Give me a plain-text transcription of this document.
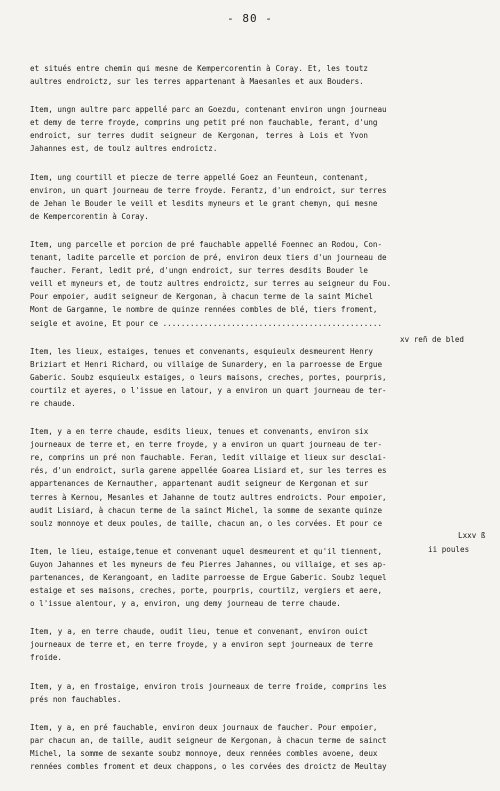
- 80 -

et situés entre chemin qui mesne de Kempercorentin à Coray. Et, les toutz
aultres endroictz, sur les terres appartenant à Maesanles et aux Bouders.

Item, ungn aultre parc appellé parc an Goezdu, contenant environ ungn journeau
et demy de terre froyde, comprins ung petit pré non fauchable, ferant, d'ung
endroict, sur terres dudit seigneur de Kergonan, terres à Lois et Yvon
Jahannes est, de toulz aultres endroictz.

Item, ung courtill et piecze de terre appellé Goez an Feunteun, contenant,
environ, un quart journeau de terre froyde. Ferantz, d'un endroict, sur terres
de Jehan le Bouder le veill et lesdits myneurs et le grant chemyn, qui mesne
de Kempercorentin à Coray.

Item, ung parcelle et porcion de pré fauchable appellé Foennec an Rodou, Con-
tenant, ladite parcelle et porcion de pré, environ deux tiers d'un journeau de
faucher. Ferant, ledit pré, d'ungn endroict, sur terres desdits Bouder le
veill et myneurs et, de toutz aultres endroictz, sur terres au seigneur du Fou.
Pour empoier, audit seigneur de Kergonan, à chacun terme de la saint Michel
Mont de Gargamne, le nombre de quinze rennées combles de blé, tiers froment,
seigle et avoine, Et pour ce ................................................

Item, les lieux, estaiges, tenues et convenants, esquieulx desmeurent Henry
Briziart et Henri Richard, ou villaige de Sunardery, en la parroesse de Ergue
Gaberic. Soubz esquieulx estaiges, o leurs maisons, creches, portes, pourpris,
courtilz et ayeres, o l'issue en latour, y a environ un quart journeau de ter-
re chaude.

Item, y a en terre chaude, esdits lieux, tenues et convenants, environ six
journeaux de terre et, en terre froyde, y a environ un quart journeau de ter-
re, comprins un pré non fauchable. Feran, ledit villaige et lieux sur desclai-
rés, d'un endroict, surla garene appellée Goarea Lisiard et, sur les terres es
appartenances de Kernauther, appartenant audit seigneur de Kergonan et sur
terres à Kernou, Mesanles et Jahanne de toutz aultres endroicts. Pour empoier,
audit Lisiard, à chacun terme de la sainct Michel, la somme de sexante quinze
soulz monnoye et deux poules, de taille, chacun an, o les corvées. Et pour ce

Item, le lieu, estaige,tenue et convenant uquel desmeurent et qu'il tiennent,
Guyon Jahannes et les myneurs de feu Pierres Jahannes, ou villaige, et ses ap-
partenances, de Kerangoant, en ladite parroesse de Ergue Gaberic. Soubz lequel
estaige et ses maisons, creches, porte, pourpris, courtilz, vergiers et aere,
o l'issue alentour, y a, environ, ung demy journeau de terre chaude.

Item, y a, en terre chaude, oudit lieu, tenue et convenant, environ ouict
journeaux de terre et, en terre froyde, y a environ sept journeaux de terre
froide.

Item, y a, en frostaige, environ trois journeaux de terre froide, comprins les
prés non fauchables.

Item, y a, en pré fauchable, environ deux journaux de faucher. Pour empoier,
par chacun an, de taille, audit seigneur de Kergonan, à chacun terme de sainct
Michel, la somme de sexante soubz monnoye, deux rennées combles avoene, deux
rennées combles froment et deux chappons, o les corvées des droictz de Meultay

xv reñ de bled
Lxxv ß
ii poules
